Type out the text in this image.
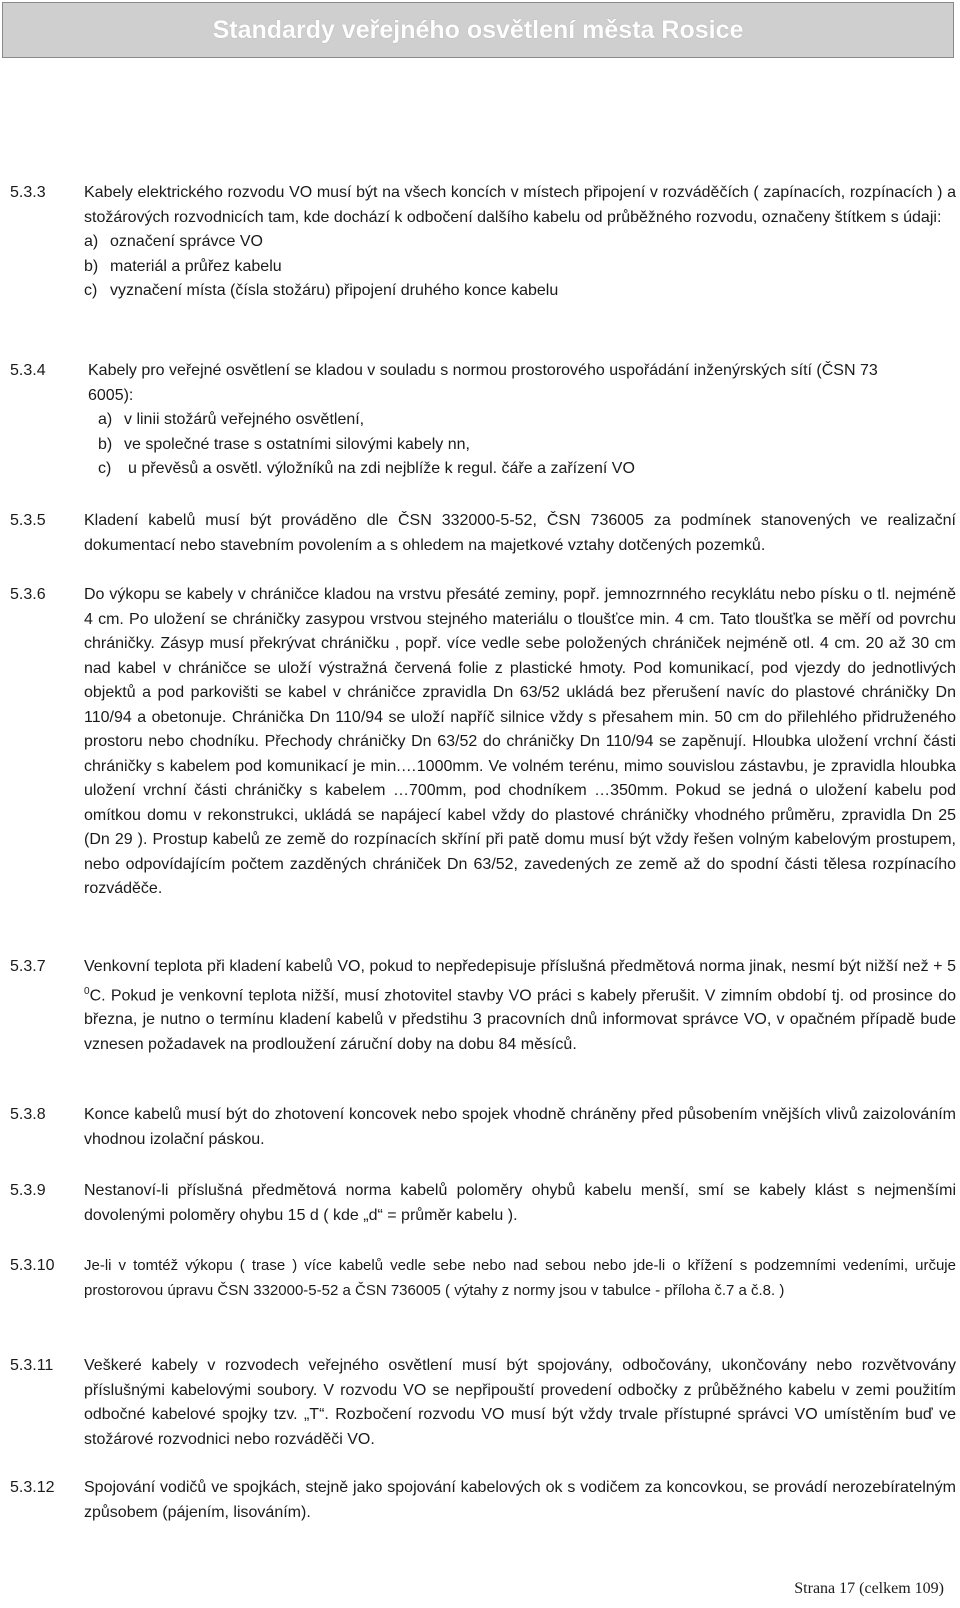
Standardy veřejného osvětlení města Rosice
5.3.3 Kabely elektrického rozvodu VO musí být na všech koncích v místech připojení v rozváděčích ( zapínacích, rozpínacích ) a stožárových rozvodnicích tam, kde dochází k odbočení dalšího kabelu od průběžného rozvodu, označeny štítkem s údaji:

a) označení správce VO
b) materiál a průřez kabelu
c) vyznačení místa (čísla stožáru) připojení druhého konce kabelu
5.3.4	Kabely pro veřejné osvětlení se kladou v souladu s normou prostorového uspořádání inženýrských sítí (ČSN 73 6005):

a) v linii stožárů veřejného osvětlení,
b) ve společné trase s ostatními silovými kabely nn,
c)	u převěsů a osvětl. výložníků na zdi nejblíže k regul. čáře a zařízení VO
5.3.5 Kladení kabelů musí být prováděno dle ČSN 332000-5-52, ČSN 736005 za podmínek stanovených ve realizační dokumentací nebo stavebním povolením a s ohledem na majetkové vztahy dotčených pozemků.

5.3.6 Do výkopu se kabely v chráničce kladou na vrstvu přesáté zeminy, popř. jemnozrnného recyklátu nebo písku o tl. nejméně 4 cm. Po uložení se chráničky zasypou vrstvou stejného materiálu o tloušťce min. 4 cm. Tato tloušťka se měří od povrchu chráničky. Zásyp musí překrývat chráničku , popř. více vedle sebe položených chrániček nejméně otl. 4 cm. 20 až 30 cm nad kabel v chráničce se uloží výstražná červená folie z plastické hmoty. Pod komunikací, pod vjezdy do jednotlivých objektů a pod parkovišti se kabel v chráničce zpravidla Dn 63/52 ukládá bez přerušení navíc do plastové chráničky Dn 110/94 a obetonuje. Chránička Dn 110/94 se uloží napříč silnice vždy s přesahem min. 50 cm do přilehlého přidruženého prostoru nebo chodníku. Přechody chráničky Dn 63/52 do chráničky Dn 110/94 se zapěnují. Hloubka uložení vrchní části chráničky s kabelem pod komunikací je min.…1000mm. Ve volném terénu, mimo souvislou zástavbu, je zpravidla hloubka uložení vrchní části chráničky s kabelem …700mm, pod chodníkem …350mm. Pokud se jedná o uložení kabelu pod omítkou domu v rekonstrukci, ukládá se napájecí kabel vždy do plastové chráničky vhodného průměru, zpravidla Dn 25 (Dn 29 ). Prostup kabelů ze země do rozpínacích skříní při patě domu musí být vždy řešen volným kabelovým prostupem, nebo odpovídajícím počtem zazděných chrániček Dn 63/52, zavedených ze země až do spodní části tělesa rozpínacího rozváděče.

5.3.7 Venkovní teplota při kladení kabelů VO, pokud to nepředepisuje příslušná předmětová norma jinak, nesmí být nižší než + 5 $^0$C. Pokud je venkovní teplota nižší, musí zhotovitel stavby VO práci s kabely přerušit. V zimním období tj. od prosince do března, je nutno o termínu kladení kabelů v předstihu 3 pracovních dnů informovat správce VO, v opačném případě bude vznesen požadavek na prodloužení záruční doby na dobu 84 měsíců.

5.3.8 Konce kabelů musí být do zhotovení koncovek nebo spojek vhodně chráněny před působením vnějších vlivů zaizolováním vhodnou izolační páskou.

5.3.9 Nestanoví-li příslušná předmětová norma kabelů poloměry ohybů kabelu menší, smí se kabely klást s nejmenšími dovolenými poloměry ohybu 15 d ( kde „d“ = průměr kabelu ).

5.3.10 Je-li v tomtéž výkopu ( trase ) více kabelů vedle sebe nebo nad sebou nebo jde-li o křížení s podzemními vedeními, určuje prostorovou úpravu ČSN 332000-5-52 a ČSN 736005 ( výtahy z normy jsou v tabulce - příloha č.7 a č.8. )

5.3.11 Veškeré kabely v rozvodech veřejného osvětlení musí být spojovány, odbočovány, ukončovány nebo rozvětvovány příslušnými kabelovými soubory. V rozvodu VO se nepřipouští provedení odbočky z průběžného kabelu v zemi použitím odbočné kabelové spojky tzv. „T“. Rozbočení rozvodu VO musí být vždy trvale přístupné správci VO umístěním buď ve stožárové rozvodnici nebo rozváděči VO.

5.3.12 Spojování vodičů ve spojkách, stejně jako spojování kabelových ok s vodičem za koncovkou, se provádí nerozebíratelným způsobem (pájením, lisováním).

Strana 17 (celkem 109)
